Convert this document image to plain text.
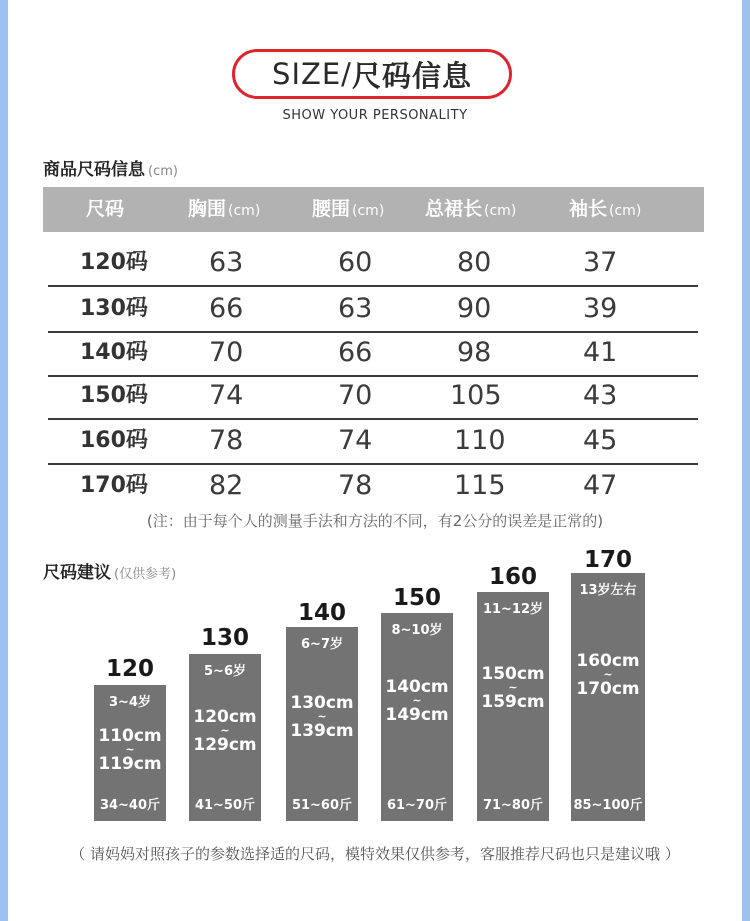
SIZE/ 尺码信息
SHOW YOUR PERSONALITY
商品尺码信息 (cm)
尺码	胸围 (cm)	腰围 (cm) 总裙长 (cm)	袖长 (cm)
120码 63	60	80	37
130码 66	63	90	39
140码 70	66	98	41
150码 74	70	105	43
160码 78	74	110	45
170码 82	78	115	47
(注：由于每个人的测量手法和方法的不同，有2公分的误差是正常的)
尺码建议 (仅供参考)
120
3~4岁
110cm
~
119cm
34~40斤
130
5~6岁
120cm
~
129cm
41~50斤
140
6~7岁
130cm
~
139cm
51~60斤
150
8~10岁
140cm
~
149cm
61~70斤
160
11~12岁
150cm
~
159cm
71~80斤
170
13岁左右
160cm
~
170cm
85~100斤
（ 请妈妈对照孩子的参数选择适的尺码，模特效果仅供参考，客服推荐尺码也只是建议哦 ）
